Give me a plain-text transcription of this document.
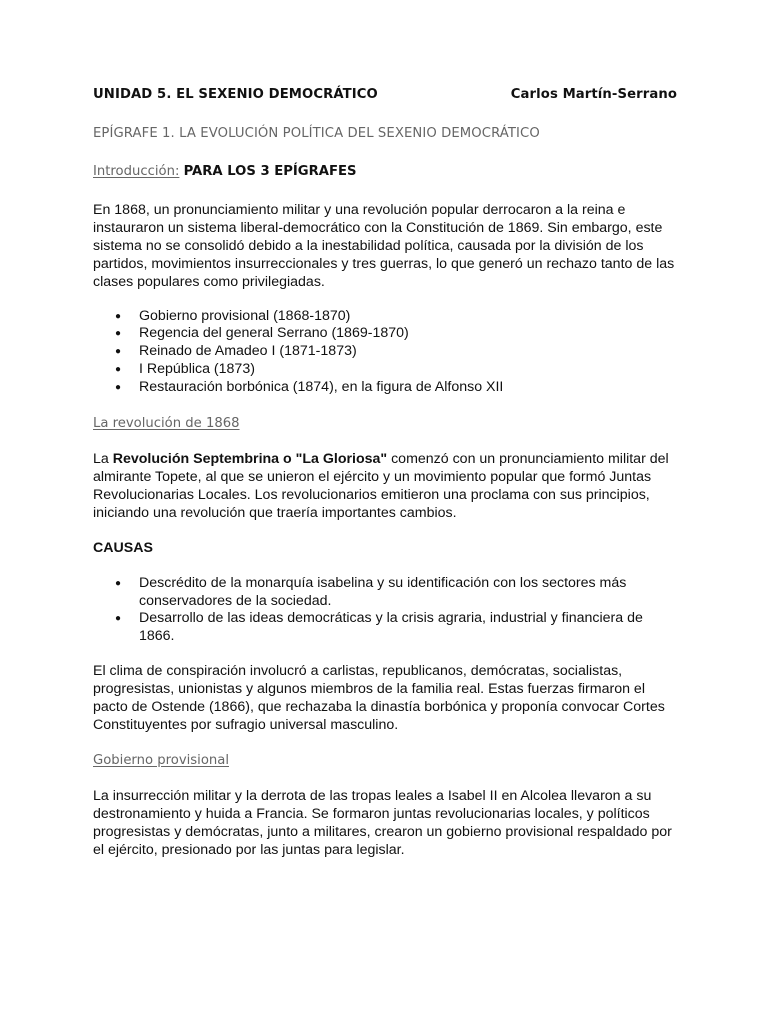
UNIDAD 5. EL SEXENIO DEMOCRÁTICO	Carlos Martín-Serrano
EPÍGRAFE 1. LA EVOLUCIÓN POLÍTICA DEL SEXENIO DEMOCRÁTICO
Introducción: PARA LOS 3 EPÍGRAFES

En 1868, un pronunciamiento militar y una revolución popular derrocaron a la reina e instauraron un sistema liberal-democrático con la Constitución de 1869. Sin embargo, este sistema no se consolidó debido a la inestabilidad política, causada por la división de los partidos, movimientos insurreccionales y tres guerras, lo que generó un rechazo tanto de las clases populares como privilegiadas.

● Gobierno provisional (1868-1870)
● Regencia del general Serrano (1869-1870)
● Reinado de Amadeo I (1871-1873)
● I República (1873)
● Restauración borbónica (1874), en la figura de Alfonso XII
La revolución de 1868

La Revolución Septembrina o "La Gloriosa" comenzó con un pronunciamiento militar del almirante Topete, al que se unieron el ejército y un movimiento popular que formó Juntas Revolucionarias Locales. Los revolucionarios emitieron una proclama con sus principios, iniciando una revolución que traería importantes cambios.

CAUSAS
● Descrédito de la monarquía isabelina y su identificación con los sectores más conservadores de la sociedad.
● Desarrollo de las ideas democráticas y la crisis agraria, industrial y financiera de 1866.

El clima de conspiración involucró a carlistas, republicanos, demócratas, socialistas, progresistas, unionistas y algunos miembros de la familia real. Estas fuerzas firmaron el pacto de Ostende (1866), que rechazaba la dinastía borbónica y proponía convocar Cortes Constituyentes por sufragio universal masculino.

Gobierno provisional

La insurrección militar y la derrota de las tropas leales a Isabel II en Alcolea llevaron a su destronamiento y huida a Francia. Se formaron juntas revolucionarias locales, y políticos progresistas y demócratas, junto a militares, crearon un gobierno provisional respaldado por el ejército, presionado por las juntas para legislar.
